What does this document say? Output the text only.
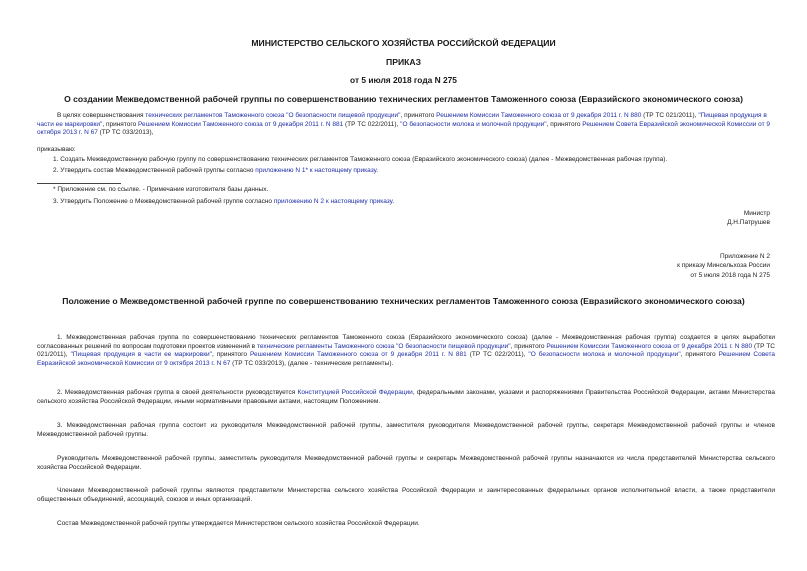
МИНИСТЕРСТВО СЕЛЬСКОГО ХОЗЯЙСТВА РОССИЙСКОЙ ФЕДЕРАЦИИ
ПРИКАЗ
от 5 июля 2018 года N 275
О создании Межведомственной рабочей группы по совершенствованию технических регламентов Таможенного союза (Евразийского экономического союза)
В целях совершенствования технических регламентов Таможенного союза "О безопасности пищевой продукции", принятого Решением Комиссии Таможенного союза от 9 декабря 2011 г. N 880 (ТР ТС 021/2011), "Пищевая продукция в части ее маркировки", принятого Решением Комиссии Таможенного союза от 9 декабря 2011 г. N 881 (ТР ТС 022/2011), "О безопасности молока и молочной продукции", принятого Решением Совета Евразийской экономической Комиссии от 9 октября 2013 г. N 67 (ТР ТС 033/2013),
приказываю:
1. Создать Межведомственную рабочую группу по совершенствованию технических регламентов Таможенного союза (Евразийского экономического союза) (далее - Межведомственная рабочая группа).
2. Утвердить состав Межведомственной рабочей группы согласно приложению N 1* к настоящему приказу.
* Приложение см. по ссылке. - Примечание изготовителя базы данных.
3. Утвердить Положение о Межведомственной рабочей группе согласно приложению N 2 к настоящему приказу.
Министр
Д.Н.Патрушев
Приложение N 2
к приказу Минсельхоза России
от 5 июля 2018 года N 275
Положение о Межведомственной рабочей группе по совершенствованию технических регламентов Таможенного союза (Евразийского экономического союза)
1. Межведомственная рабочая группа по совершенствованию технических регламентов Таможенного союза (Евразийского экономического союза) (далее - Межведомственная рабочая группа) создается в целях выработки согласованных решений по вопросам подготовки проектов изменений в технические регламенты Таможенного союза "О безопасности пищевой продукции", принятого Решением Комиссии Таможенного союза от 9 декабря 2011 г. N 880 (ТР ТС 021/2011), "Пищевая продукция в части ее маркировки", принятого Решением Комиссии Таможенного союза от 9 декабря 2011 г. N 881 (ТР ТС 022/2011), "О безопасности молока и молочной продукции", принятого Решением Совета Евразийской экономической Комиссии от 9 октября 2013 г. N 67 (ТР ТС 033/2013), (далее - технические регламенты).
2. Межведомственная рабочая группа в своей деятельности руководствуется Конституцией Российской Федерации, федеральными законами, указами и распоряжениями Правительства Российской Федерации, актами Министерства сельского хозяйства Российской Федерации, иными нормативными правовыми актами, настоящим Положением.
3. Межведомственная рабочая группа состоит из руководителя Межведомственной рабочей группы, заместителя руководителя Межведомственной рабочей группы, секретаря Межведомственной рабочей группы и членов Межведомственной рабочей группы.
Руководитель Межведомственной рабочей группы, заместитель руководителя Межведомственной рабочей группы и секретарь Межведомственной рабочей группы назначаются из числа представителей Министерства сельского хозяйства Российской Федерации.
Членами Межведомственной рабочей группы являются представители Министерства сельского хозяйства Российской Федерации и заинтересованных федеральных органов исполнительной власти, а также представители общественных объединений, ассоциаций, союзов и иных организаций.
Состав Межведомственной рабочей группы утверждается Министерством сельского хозяйства Российской Федерации.
